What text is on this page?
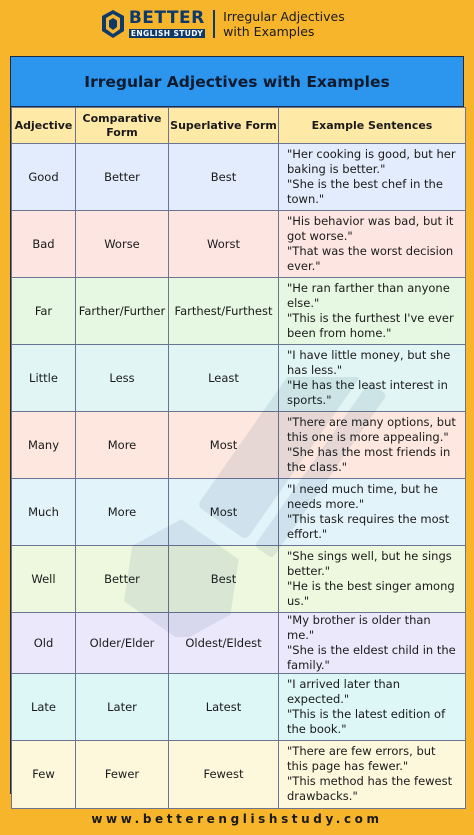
BETTER
ENGLISH STUDY
Irregular Adjectives with Examples
Irregular Adjectives with Examples
Adjective	Comparative Form	Superlative Form	Example Sentences
Good	Better	Best	"Her cooking is good, but her baking is better."
"She is the best chef in the town."

Bad	Worse	Worst	"His behavior was bad, but it got worse."
"That was the worst decision ever."

Far	Farther/Further	Farthest/Furthest	"He ran farther than anyone else."
"This is the furthest I've ever been from home."

Little	Less	Least	"I have little money, but she has less."
"He has the least interest in sports."

Many	More	Most	"There are many options, but this one is more appealing."
"She has the most friends in the class."

Much	More	Most	"I need much time, but he needs more."
"This task requires the most effort."

Well	Better	Best	"She sings well, but he sings better."
"He is the best singer among us."

Old	Older/Elder	Oldest/Eldest	"My brother is older than me."
"She is the eldest child in the family."

Late	Later	Latest	"I arrived later than expected."
"This is the latest edition of the book."

Few	Fewer	Fewest	"There are few errors, but this page has fewer."
"This method has the fewest drawbacks."
www.betterenglishstudy.com
